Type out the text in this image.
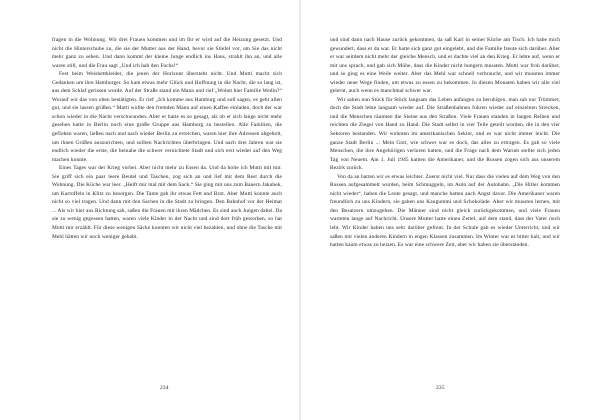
fragen in die Wohnung. Wir drei Frauen kommen und im Ihr er wird auf die Heizung gesetzt. Und nicht die Hinterschuhe zu, die sie der Mutter aus der Hand, bevor sie Stiefel vor, um Sie das nicht mehr ganz zu sehen. Und dann kommt der kleine Junge endlich ins Haus, strahlt ihn an, und alle waren still, und die Frau sagt „Und ich hab den Fuchs!“

Fest beim Weisbettkleider, die jenen der Horizont übersteht nicht. Und Mutti macht sich Gedanken um ihre Hamburger. So kam etwas mehr Glück und Hoffnung in die Nacht, die so lang ist, aus dem Schlaf gerissen wurde. Auf der Straße stand ein Mann und rief „Wohnt hier Familie Wedin?“ Worauf wir das von oben bestätigten. Er rief „Ich komme aus Hamburg und soll sagen, es geht allen gut, und sie lassen grüßen.“ Mutti wollte den fremden Mann auf einen Kaffee einladen, doch der war schon wieder in die Nacht verschwunden. Aber er hatte es so gesagt, als ob er sich lange nicht mehr gesehen hatte in Berlin noch eine große Gruppe aus Hamburg zu bestellen. Alle Familien, die geflohen waren, ließen nach und nach wieder Berlin zu erreichen, waren hier ihre Adressen abgeholt, um ihnen Grüßen auszurichten, und sollten Nachrichten überbringen. Und nach drei Jahren war sie endlich wieder die erste, die beinahe die schwer vernichtete Stadt und sich erst wieder auf den Weg machen konnte.

Eines Tages war der Krieg vorbei. Aber nicht mehr zu Essen da. Und da holte ich Mutti mit mir. Sie griff sich ein paar leere Beutel und Taschen, zog sich an und lief mit dem Rest durch die Wohnung. Die Küche war leer. „Helft mir mal mit dem Sack.“ Sie ging mit uns zum Bauern Jakubek, um Kartoffeln in Klitz zu besorgen. Die Tante gab ihr etwas Fett und Brot. Aber Mutti konnte auch nicht so viel tragen. Und dann mit den Sachen in die Stadt zu bringen. Den Bahnhof vor der Heimat ... Als wir hier aus Richtung sah, saßen die Frauen mit ihren Mädchen. Es sind auch Jungen dabei. Da sie zu wenig gegessen hatten, waren viele Kinder in der Nacht und sind dort früh gestorben, so hat Mutti mir erzählt. Für diese wenigen Säcke konnten wir nicht viel bezahlen, und ohne die Tasche mit Mehl hätten wir noch weniger gehabt.

und sind dann nach Hause zurück gekommen, da saß Karl in seiner Küche am Tisch. Ich habe mich gewundert, dass er da war. Er hatte sich ganz gut eingelebt, und die Familie freute sich darüber. Aber er war seitdem nicht mehr der gleiche Mensch, und er dachte viel an den Krieg. Er lebte auf, wenn er mit uns sprach, und gab sich Mühe, dass die Kinder nicht hungern mussten. Mutti war froh darüber, und so ging es eine Weile weiter. Aber das Mehl war schnell verbraucht, und wir mussten immer wieder neue Wege finden, um etwas zu essen zu bekommen. In diesen Monaten haben wir alle viel gelernt, auch wenn es manchmal schwer war.

Wir sahen nun Stück für Stück langsam das Leben anfangen zu beruhigen, man sah nur Trümmer, doch die Stadt lebte langsam wieder auf. Die Straßenbahnen fuhren wieder auf einzelnen Strecken, und die Menschen räumten die Steine aus den Straßen. Viele Frauen standen in langen Reihen und reichten die Ziegel von Hand zu Hand. Die Stadt selbst in vier Teile geteilt worden, die in den vier Sektoren bestanden. Wir wohnten im amerikanischen Sektor, und es war nicht immer leicht. Die ganze Stadt Berlin ... Mein Gott, wie schwer war es doch, das alles zu ertragen. Es gab so viele Menschen, die ihre Angehörigen verloren hatten, und die Frage nach dem Warum stellte sich jeden Tag von Neuem. Am 1. Juli 1945 kamen die Amerikaner, und die Russen zogen sich aus unserem Bezirk zurück.

Von da an hatten wir es etwas leichter. Zuerst nicht viel. Nur dass die vielen auf dem Weg von den Russen aufgesammelt wurden, beim Schmuggeln, im Auto auf der Autobahn. „Die Hitler kommen nicht wieder“, haben die Leute gesagt, und manche hatten auch Angst davor. Die Amerikaner waren freundlich zu uns Kindern, sie gaben uns Kaugummi und Schokolade. Aber wir mussten lernen, mit den Besatzern umzugehen. Die Männer sind nicht gleich zurückgekommen, und viele Frauen warteten lange auf Nachricht. Unsere Mutter hatte einen Zettel, auf dem stand, dass der Vater noch lebt. Wir Kinder haben uns sehr darüber gefreut. In der Schule gab es wieder Unterricht, und wir saßen mit vielen anderen Kindern in engen Klassen zusammen. Im Winter war es bitter kalt, und wir hatten kaum etwas zu heizen. Es war eine schwere Zeit, aber wir haben sie überstanden.

234	235
